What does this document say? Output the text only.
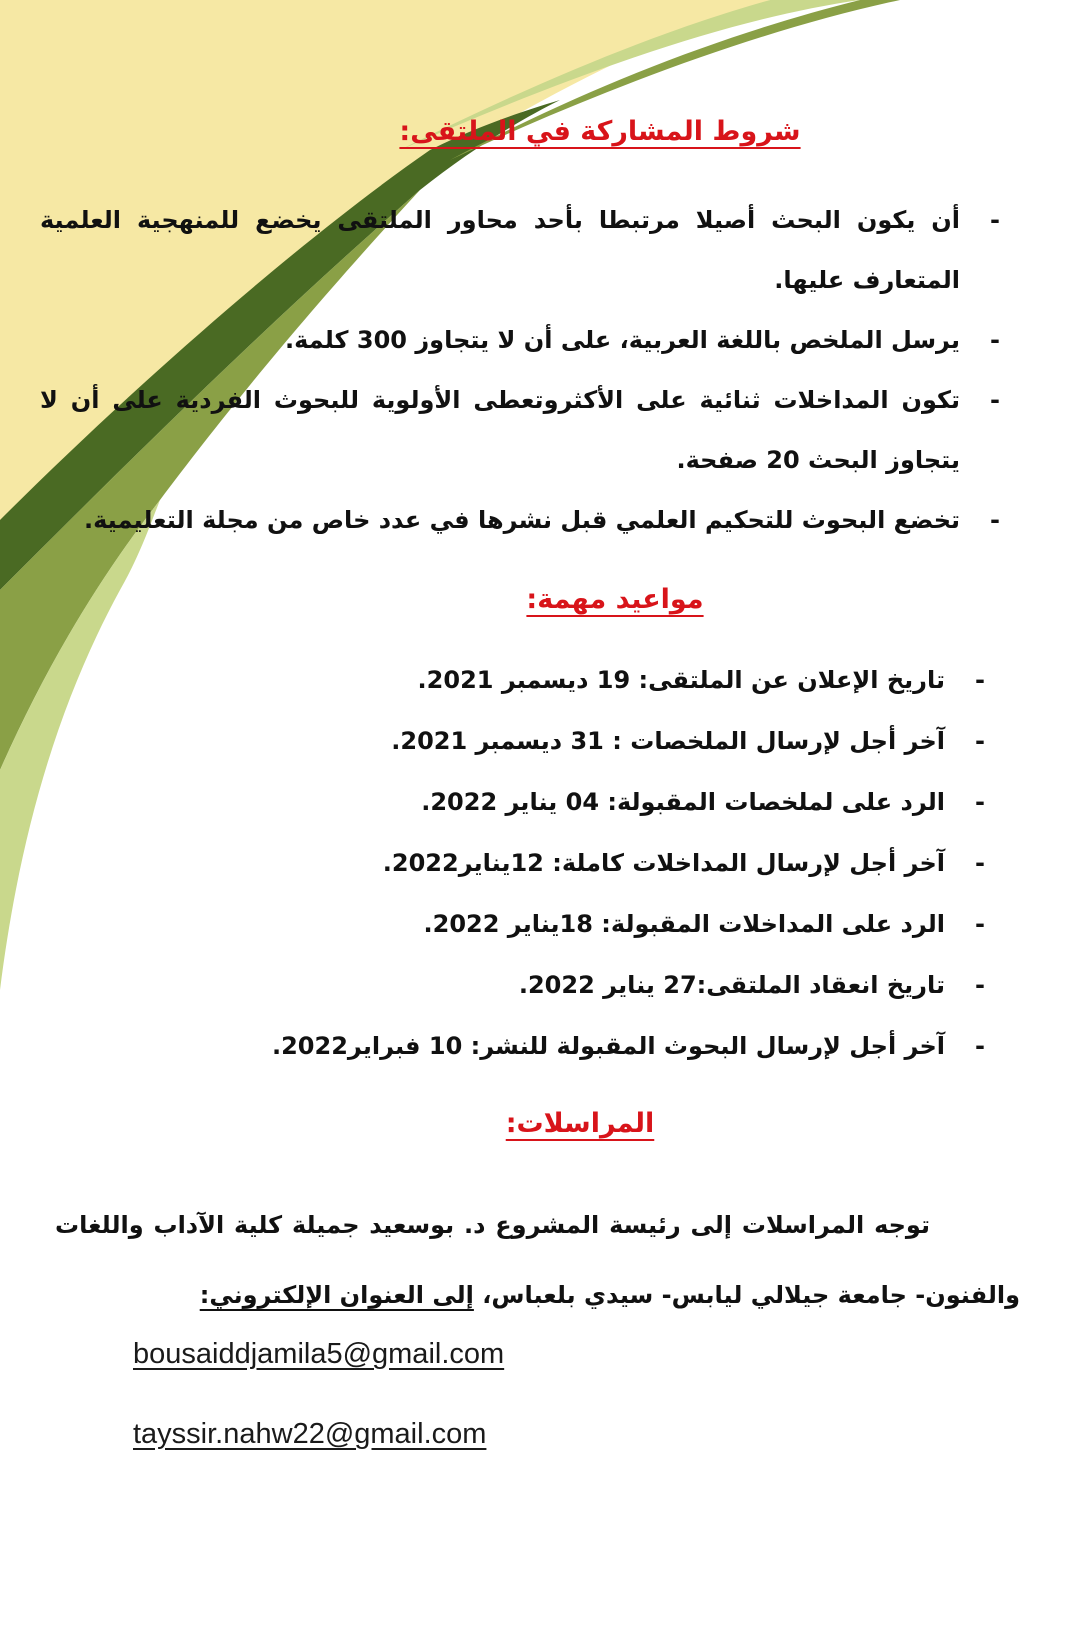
شروط المشاركة في الملتقى:
-
أن يكون البحث أصيلا مرتبطا بأحد محاور الملتقى يخضع للمنهجية العلمية المتعارف عليها.
-
يرسل الملخص باللغة العربية، على أن لا يتجاوز 300 كلمة.
-
تكون المداخلات ثنائية على الأكثروتعطى الأولوية للبحوث الفردية على أن لا يتجاوز البحث 20 صفحة.
-
تخضع البحوث للتحكيم العلمي قبل نشرها في عدد خاص من مجلة التعليمية.
مواعيد مهمة:
-
تاريخ الإعلان عن الملتقى: 19 ديسمبر 2021.
-
آخر أجل لإرسال الملخصات : 31 ديسمبر 2021.
-
الرد على لملخصات المقبولة: 04 يناير 2022.
-
آخر أجل لإرسال المداخلات كاملة: 12يناير2022.
-
الرد على المداخلات المقبولة: 18يناير 2022.
-
تاريخ انعقاد الملتقى:27 يناير 2022.
-
آخر أجل لإرسال البحوث المقبولة للنشر: 10 فبراير2022.
المراسلات:

توجه المراسلات إلى رئيسة المشروع د. بوسعيد جميلة كلية الآداب واللغات والفنون- جامعة جيلالي ليابس- سيدي بلعباس، إلى العنوان الإلكتروني:

bousaiddjamila5@gmail.com
tayssir.nahw22@gmail.com
